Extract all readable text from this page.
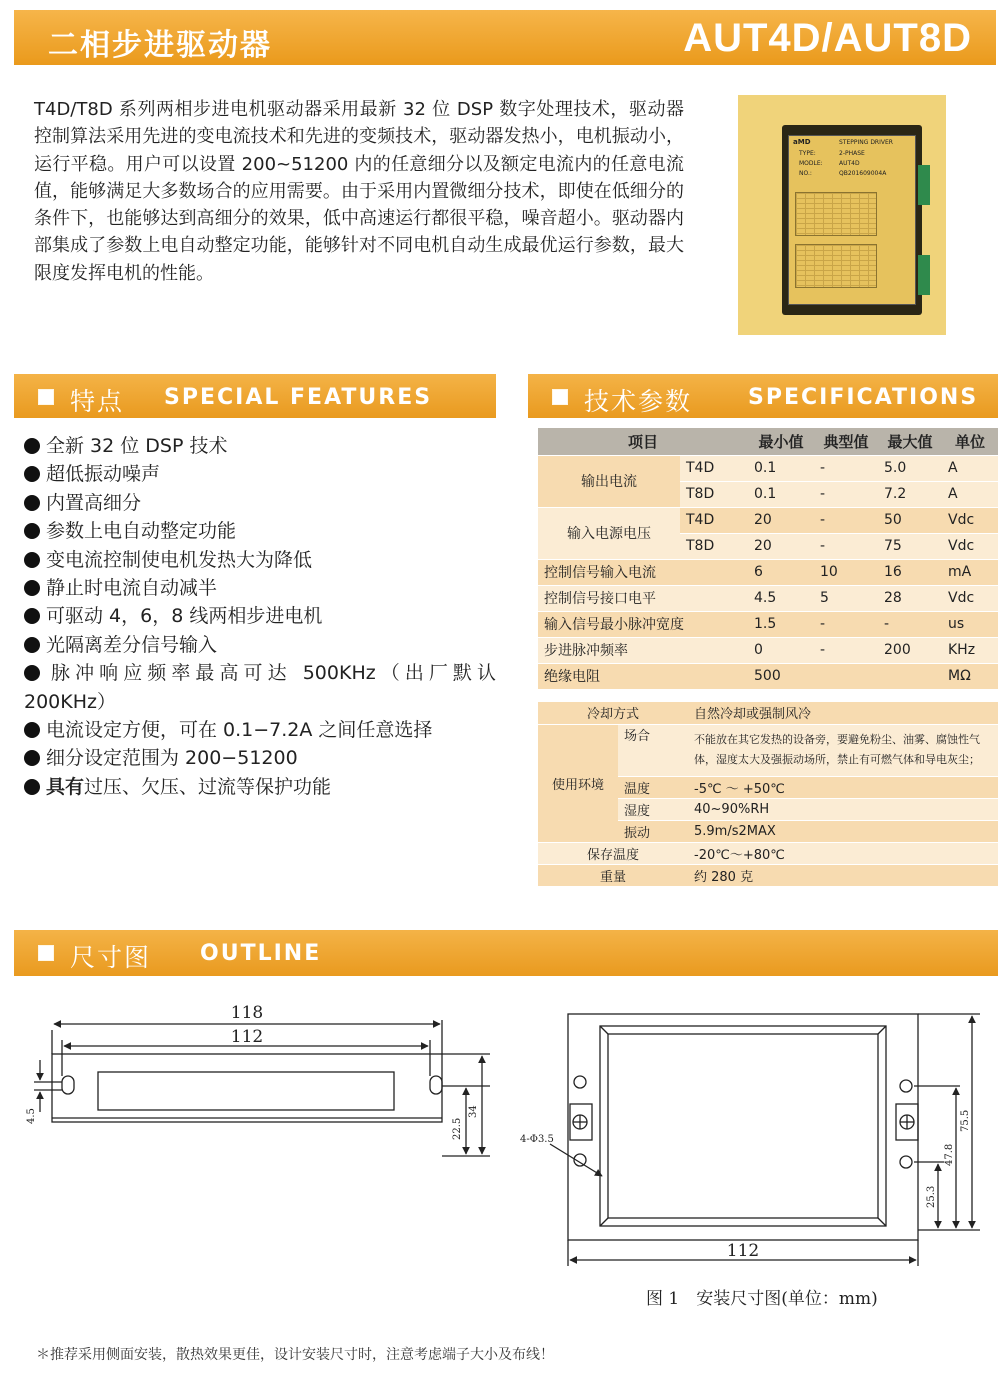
二相步进驱动器	AUT4D/AUT8D

T4D/T8D 系列两相步进电机驱动器采用最新 32 位 DSP 数字处理技术，驱动器控制算法采用先进的变电流技术和先进的变频技术，驱动器发热小，电机振动小，运行平稳。用户可以设置 200~51200 内的任意细分以及额定电流内的任意电流值，能够满足大多数场合的应用需要。由于采用内置微细分技术，即使在低细分的条件下，也能够达到高细分的效果，低中高速运行都很平稳，噪音超小。驱动器内部集成了参数上电自动整定功能，能够针对不同电机自动生成最优运行参数，最大限度发挥电机的性能。

aMD	STEPPING DRIVER
TYPE:	2-PHASE
MODLE:	AUT4D
NO.:	QB201609004A
特点 SPECIAL FEATURES	技术参数	SPECIFICATIONS
全新 32 位 DSP 技术
超低振动噪声
内置高细分
参数上电自动整定功能
变电流控制使电机发热大为降低
静止时电流自动减半
可驱动 4，6，8 线两相步进电机
光隔离差分信号输入
脉冲响应频率最高可达 500KHz（出厂默认 200KHz）
电流设定方便，可在 0.1−7.2A 之间任意选择
细分设定范围为 200−51200
具有过压、欠压、过流等保护功能
项目		最小值	典型值	最大值	单位
输出电流	T4D	0.1	-	5.0	A
	T8D	0.1	-	7.2	A
输入电源电压	T4D	20	-	50	Vdc
	T8D	20	-	75	Vdc
控制信号输入电流		6	10	16	mA
控制信号接口电平		4.5	5	28	Vdc
输入信号最小脉冲宽度		1.5	-	-	us
步进脉冲频率		0	-	200	KHz
绝缘电阻		500			MΩ
冷却方式		自然冷却或强制风冷
使用环境	场合	不能放在其它发热的设备旁，要避免粉尘、油雾、腐蚀性气体，湿度太大及强振动场所，禁止有可燃气体和导电灰尘；
	温度	-5℃ ～ +50℃
	湿度	40~90%RH
	振动	5.9m/s2MAX
保存温度		-20℃～+80℃
重量		约 280 克
尺寸图 OUTLINE
118
112
4.5
22.5
34
4-Φ3.5
112
75.5
47.8
25.3
图 1　安装尺寸图(单位：mm)
＊推荐采用侧面安装，散热效果更佳，设计安装尺寸时，注意考虑端子大小及布线！
